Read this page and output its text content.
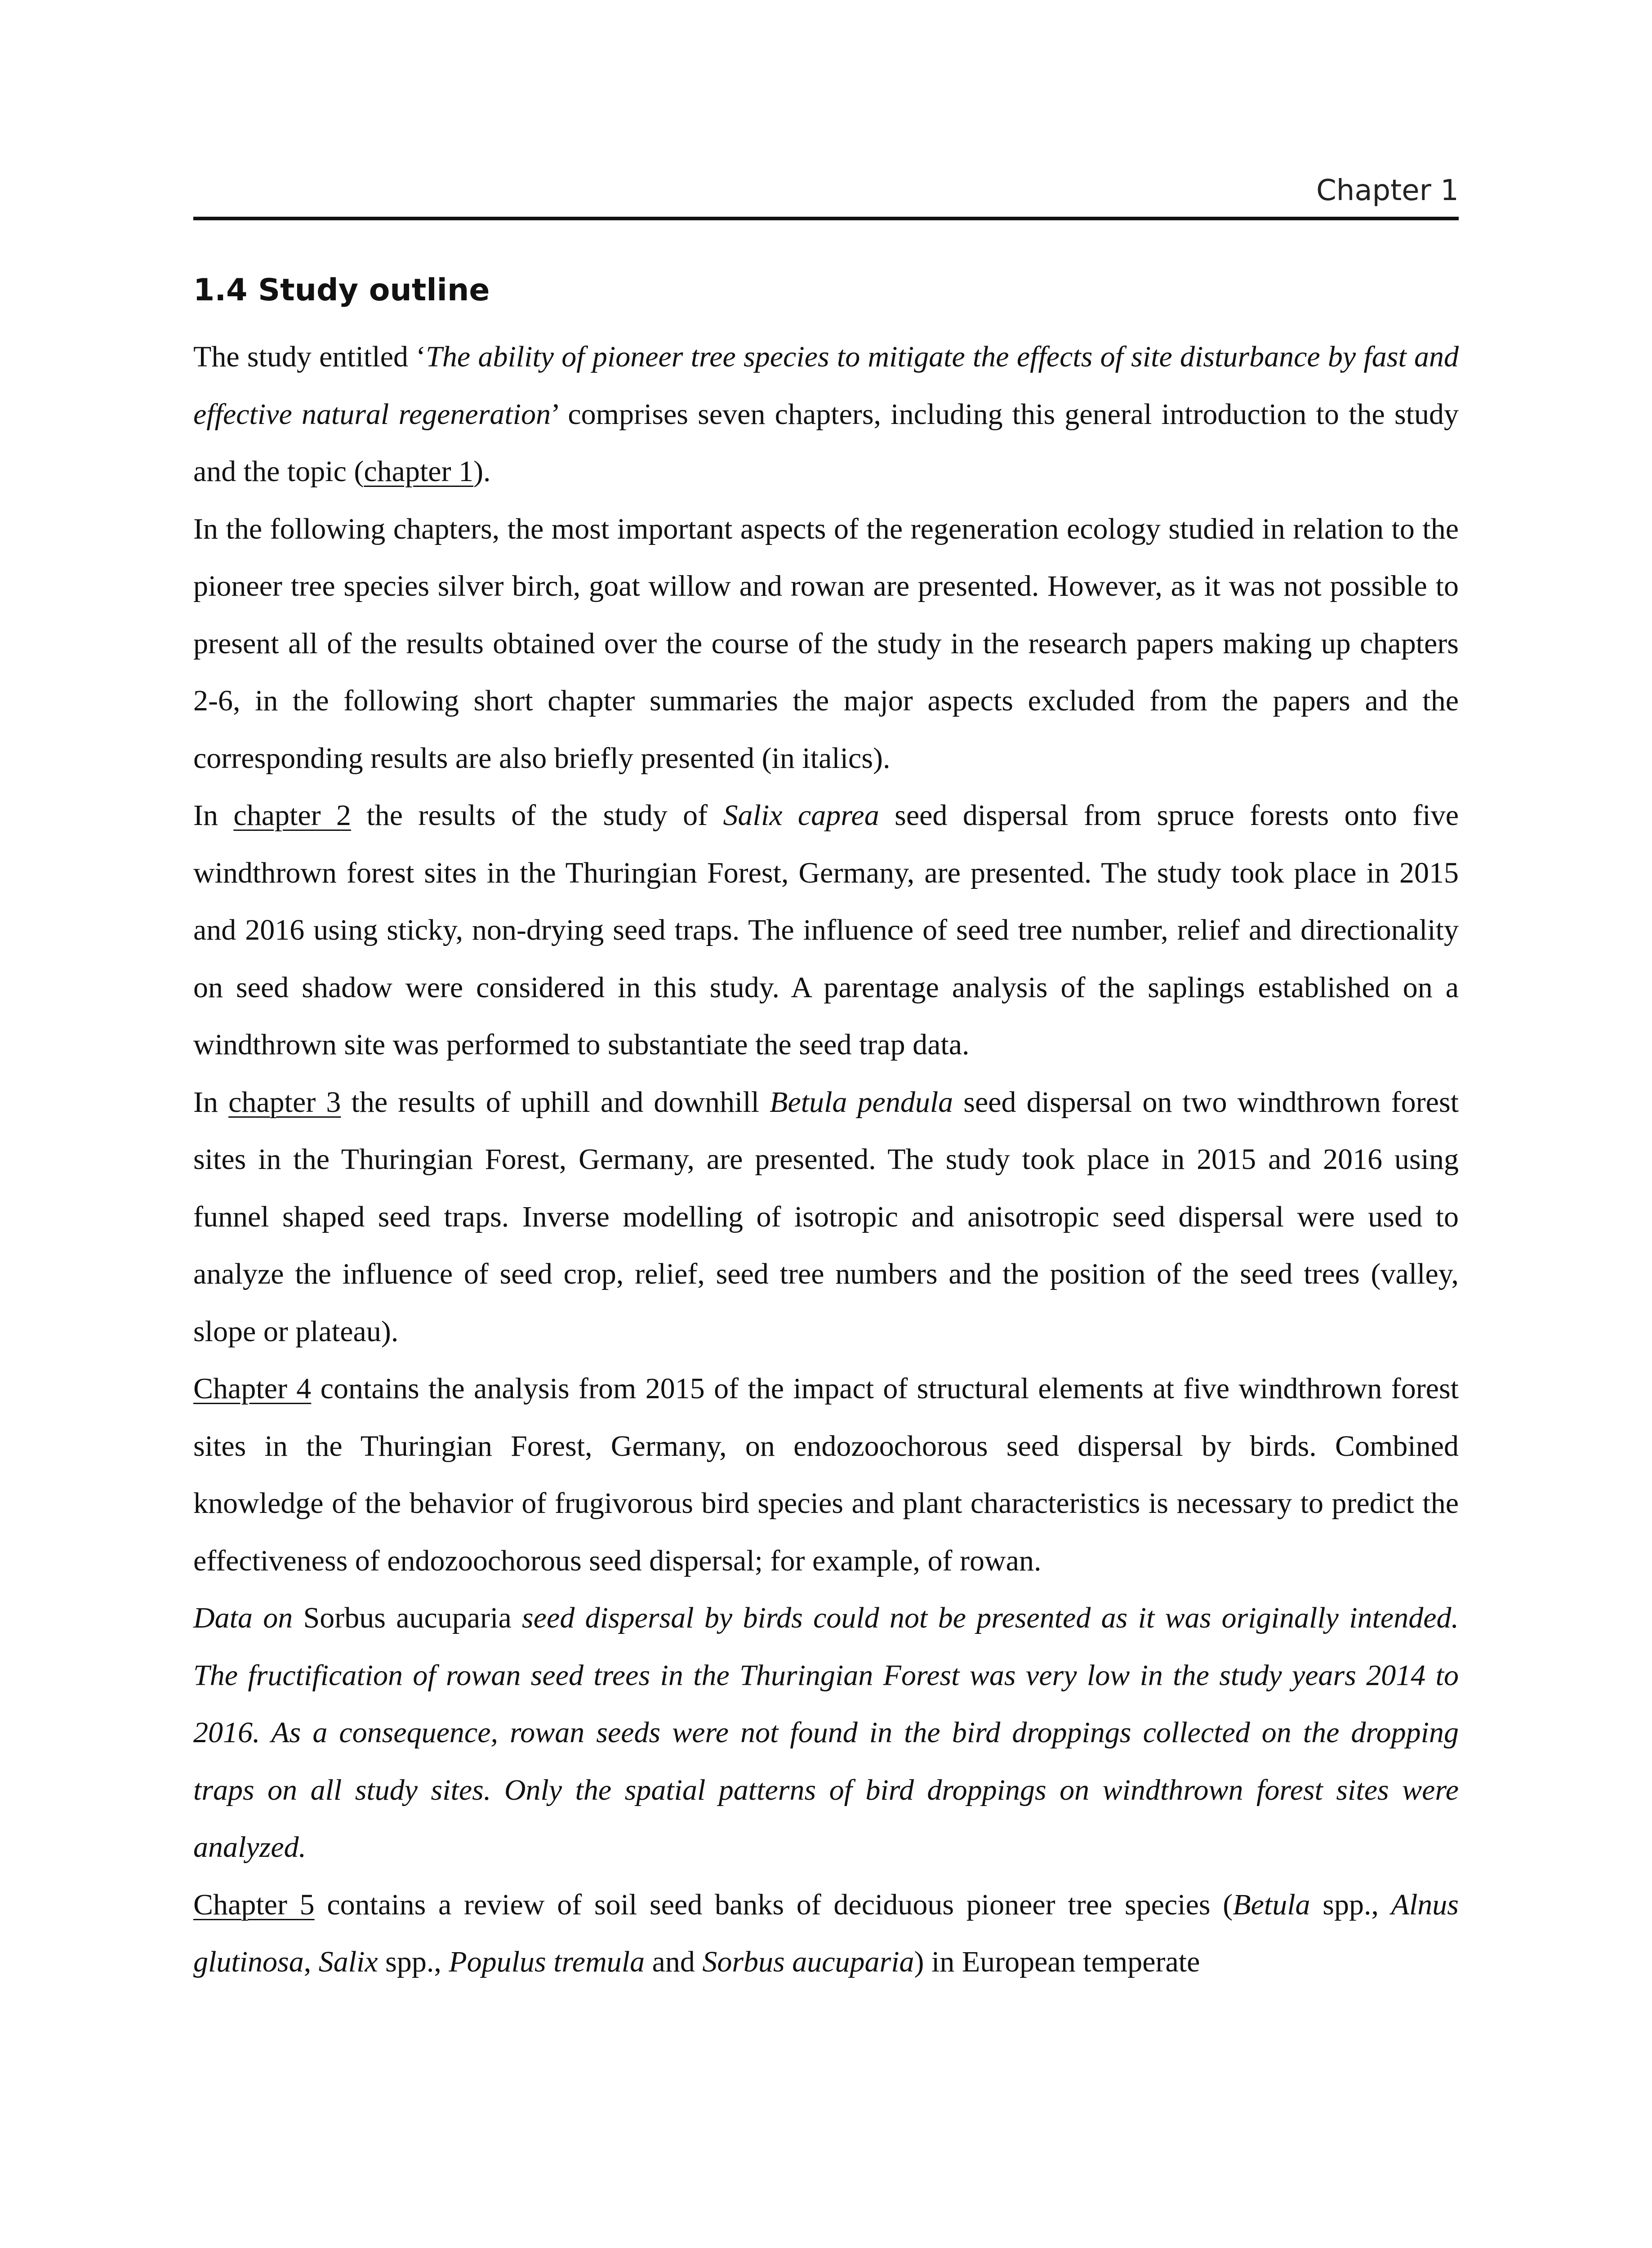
Chapter 1
1.4 Study outline

The study entitled ‘The ability of pioneer tree species to mitigate the effects of site disturbance by fast and effective natural regeneration’ comprises seven chapters, including this general introduction to the study and the topic (chapter 1).

In the following chapters, the most important aspects of the regeneration ecology studied in relation to the pioneer tree species silver birch, goat willow and rowan are presented. However, as it was not possible to present all of the results obtained over the course of the study in the research papers making up chapters 2-6, in the following short chapter summaries the major aspects excluded from the papers and the corresponding results are also briefly presented (in italics).

In chapter 2 the results of the study of Salix caprea seed dispersal from spruce forests onto five windthrown forest sites in the Thuringian Forest, Germany, are presented. The study took place in 2015 and 2016 using sticky, non-drying seed traps. The influence of seed tree number, relief and directionality on seed shadow were considered in this study. A parentage analysis of the saplings established on a windthrown site was performed to substantiate the seed trap data.

In chapter 3 the results of uphill and downhill Betula pendula seed dispersal on two windthrown forest sites in the Thuringian Forest, Germany, are presented. The study took place in 2015 and 2016 using funnel shaped seed traps. Inverse modelling of isotropic and anisotropic seed dispersal were used to analyze the influence of seed crop, relief, seed tree numbers and the position of the seed trees (valley, slope or plateau).

Chapter 4 contains the analysis from 2015 of the impact of structural elements at five windthrown forest sites in the Thuringian Forest, Germany, on endozoochorous seed dispersal by birds. Combined knowledge of the behavior of frugivorous bird species and plant characteristics is necessary to predict the effectiveness of endozoochorous seed dispersal; for example, of rowan.

Data on Sorbus aucuparia seed dispersal by birds could not be presented as it was originally intended. The fructification of rowan seed trees in the Thuringian Forest was very low in the study years 2014 to 2016. As a consequence, rowan seeds were not found in the bird droppings collected on the dropping traps on all study sites. Only the spatial patterns of bird droppings on windthrown forest sites were analyzed.

Chapter 5 contains a review of soil seed banks of deciduous pioneer tree species (Betula spp., Alnus glutinosa, Salix spp., Populus tremula and Sorbus aucuparia) in European temperate
